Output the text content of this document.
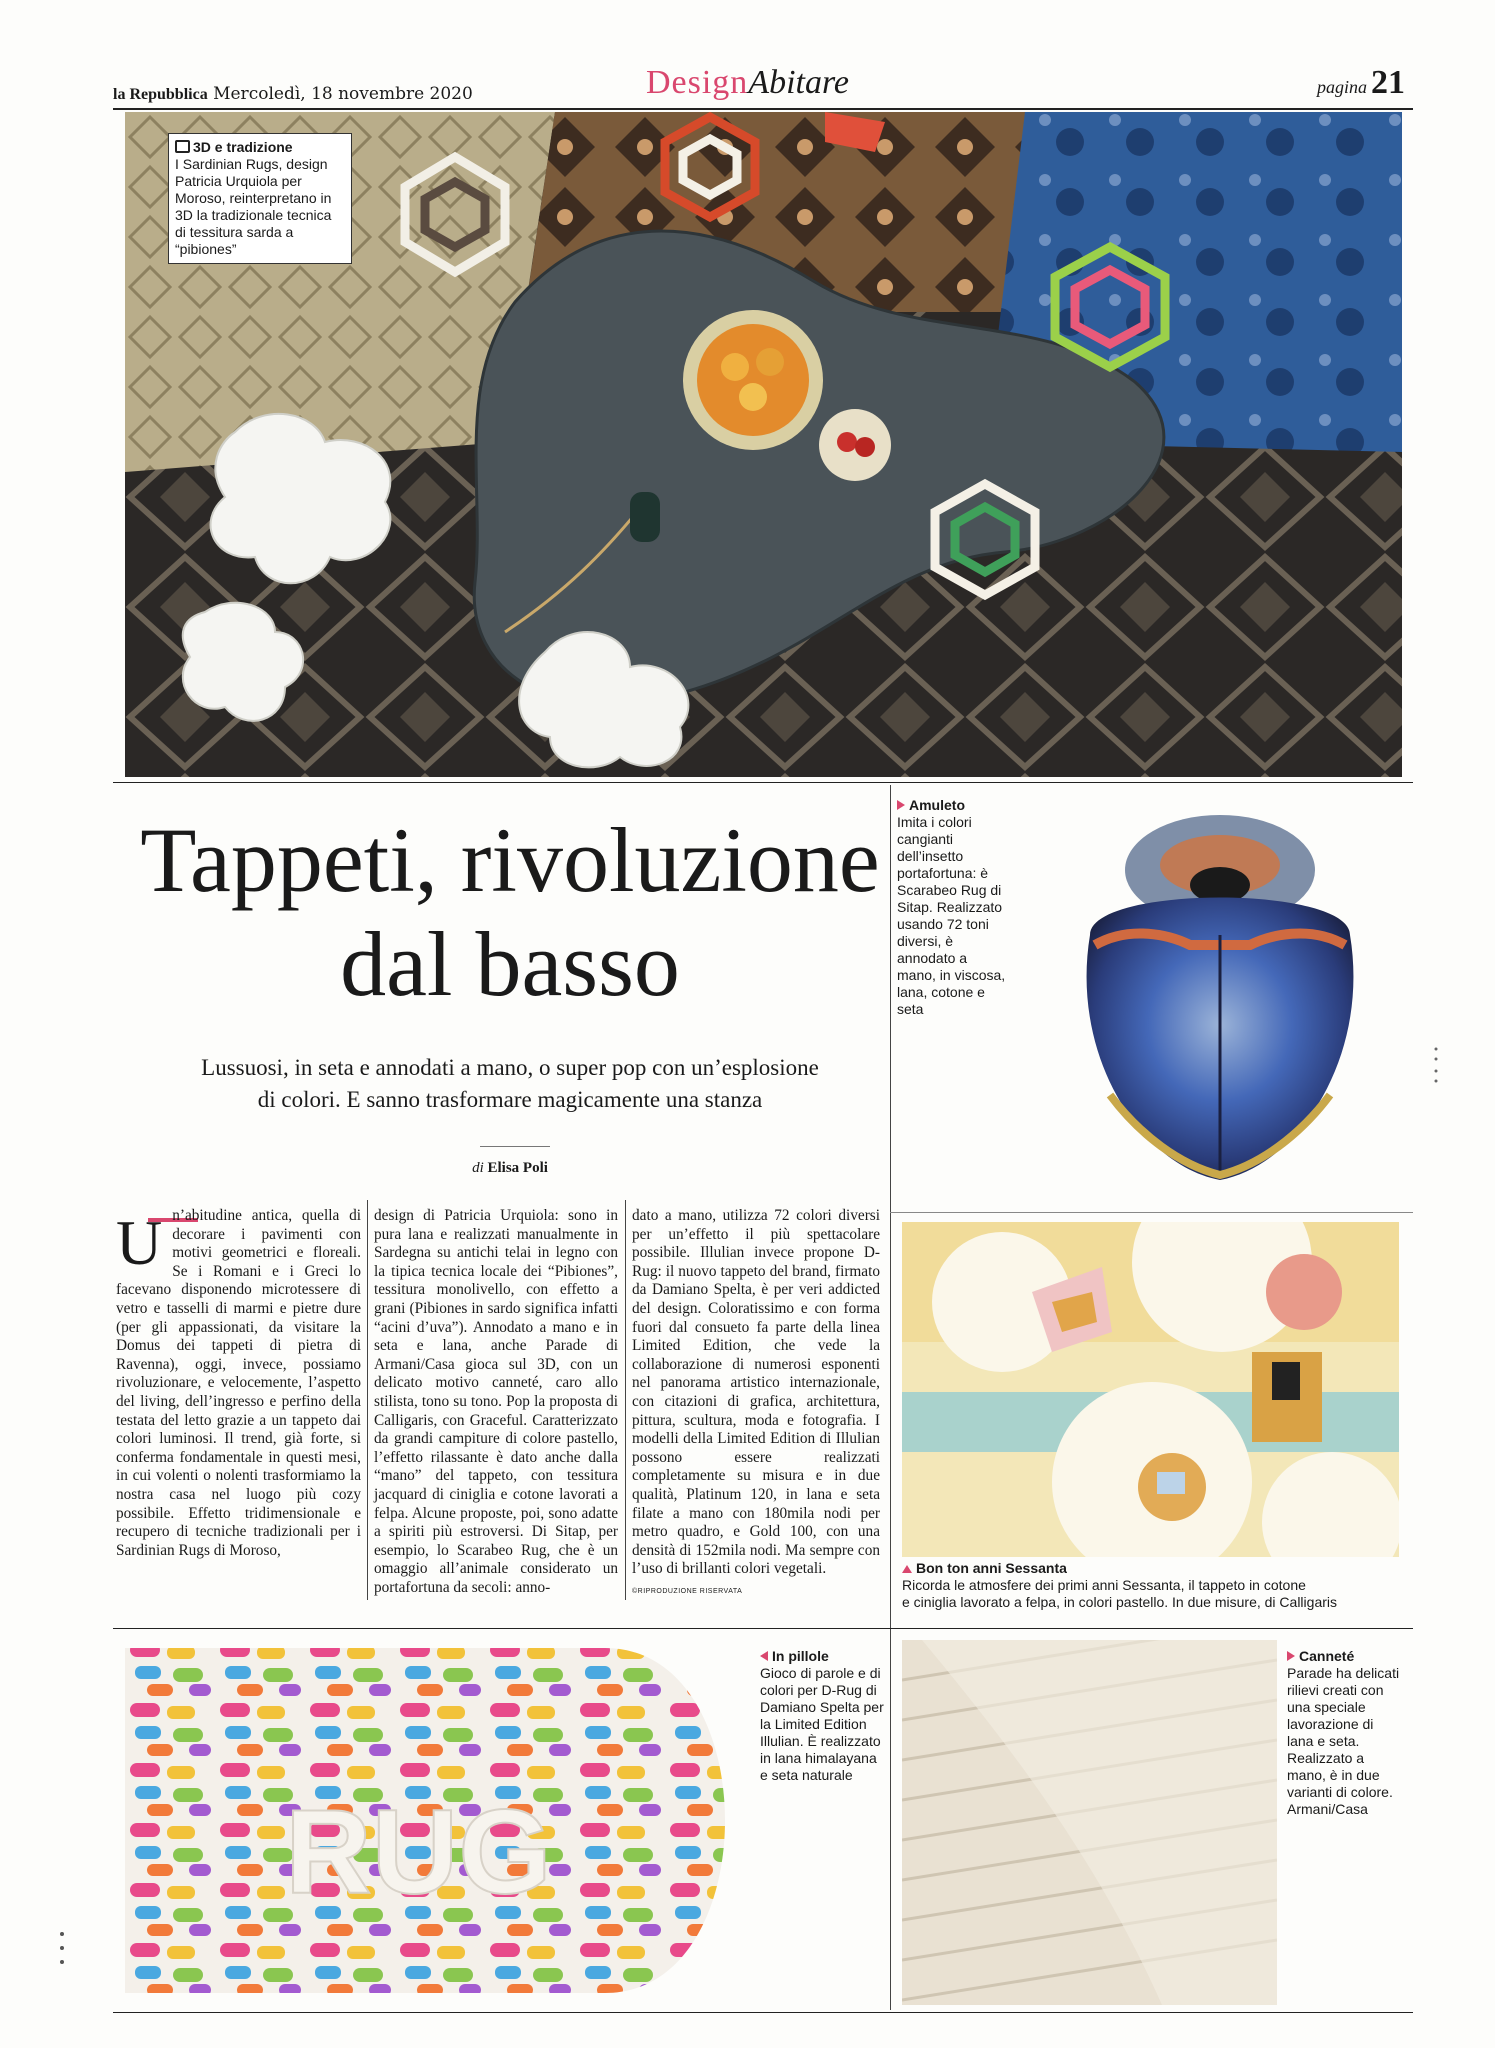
la Repubblica Mercoledì, 18 novembre 2020	DesignAbitare	pagina 21
3D e tradizione
I Sardinian Rugs, design Patricia Urquiola per Moroso, reinterpretano in 3D la tradizionale tecnica di tessitura sarda a “pibiones”
Tappeti, rivoluzione
dal basso
Lussuosi, in seta e annodati a mano, o super pop con un’esplosione
di colori. E sanno trasformare magicamente una stanza
di Elisa Poli
Un’abitudine antica, quella di decorare i pavimenti con motivi geometrici e floreali. Se i Romani e i Greci lo facevano disponendo microtessere di vetro e tasselli di marmi e pietre dure (per gli appassionati, da visitare la Domus dei tappeti di pietra di Ravenna), oggi, invece, possiamo rivoluzionare, e velocemente, l’aspetto del living, dell’ingresso e perfino della testata del letto grazie a un tappeto dai colori luminosi. Il trend, già forte, si conferma fondamentale in questi mesi, in cui volenti o nolenti trasformiamo la nostra casa nel luogo più cozy possibile. Effetto tridimensionale e recupero di tecniche tradizionali per i Sardinian Rugs di Moroso,
design di Patricia Urquiola: sono in pura lana e realizzati manualmente in Sardegna su antichi telai in legno con la tipica tecnica locale dei “Pibiones”, tessitura monolivello, con effetto a grani (Pibiones in sardo significa infatti “acini d’uva”). Annodato a mano e in seta e lana, anche Parade di Armani/Casa gioca sul 3D, con un delicato motivo canneté, caro allo stilista, tono su tono. Pop la proposta di Calligaris, con Graceful. Caratterizzato da grandi campiture di colore pastello, l’effetto rilassante è dato anche dalla “mano” del tappeto, con tessitura jacquard di ciniglia e cotone lavorati a felpa. Alcune proposte, poi, sono adatte a spiriti più estroversi. Di Sitap, per esempio, lo Scarabeo Rug, che è un omaggio all’animale considerato un portafortuna da secoli: anno-
dato a mano, utilizza 72 colori diversi per un’effetto il più spettacolare possibile. Illulian invece propone D-Rug: il nuovo tappeto del brand, firmato da Damiano Spelta, è per veri addicted del design. Coloratissimo e con forma fuori dal consueto fa parte della linea Limited Edition, che vede la collaborazione di numerosi esponenti nel panorama artistico internazionale, con citazioni di grafica, architettura, pittura, scultura, moda e fotografia. I modelli della Limited Edition di Illulian possono essere realizzati completamente su misura e in due qualità, Platinum 120, in lana e seta filate a mano con 180mila nodi per metro quadro, e Gold 100, con una densità di 152mila nodi. Ma sempre con l’uso di brillanti colori vegetali.
©RIPRODUZIONE RISERVATA
Amuleto
Imita i colori cangianti dell’insetto portafortuna: è Scarabeo Rug di Sitap. Realizzato usando 72 toni diversi, è annodato a mano, in viscosa, lana, cotone e seta
Bon ton anni Sessanta
Ricorda le atmosfere dei primi anni Sessanta, il tappeto in cotone
e ciniglia lavorato a felpa, in colori pastello. In due misure, di Calligaris
RUG
In pillole
Gioco di parole e di colori per D-Rug di Damiano Spelta per la Limited Edition Illulian. È realizzato in lana himalayana e seta naturale
Canneté
Parade ha delicati rilievi creati con una speciale lavorazione di lana e seta. Realizzato a mano, è in due varianti di colore. Armani/Casa
